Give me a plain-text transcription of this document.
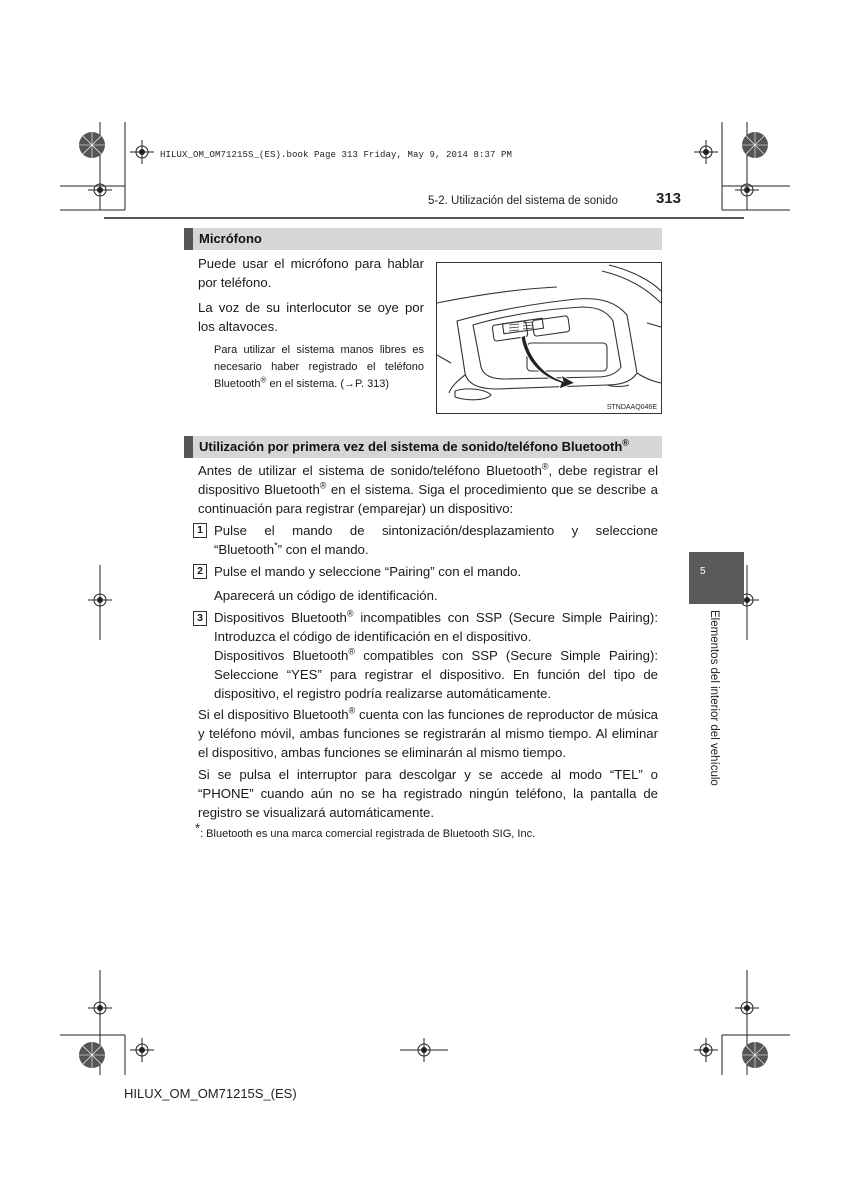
HILUX_OM_OM71215S_(ES).book Page 313 Friday, May 9, 2014 8:37 PM
5-2. Utilización del sistema de sonido	313
Micrófono

Puede usar el micrófono para hablar por teléfono.

La voz de su interlocutor se oye por los altavoces.

Para utilizar el sistema manos libres es necesario haber registrado el teléfono Bluetooth® en el sistema. (→P. 313)

STNDAAQ046E
Utilización por primera vez del sistema de sonido/teléfono Bluetooth®

Antes de utilizar el sistema de sonido/teléfono Bluetooth®, debe registrar el dispositivo Bluetooth® en el sistema. Siga el procedimiento que se describe a continuación para registrar (emparejar) un dispositivo:

1 Pulse el mando de sintonización/desplazamiento y seleccione
“Bluetooth*” con el mando.
2 Pulse el mando y seleccione “Pairing” con el mando.
Aparecerá un código de identificación.
3 Dispositivos Bluetooth® incompatibles con SSP (Secure Simple Pairing): Introduzca el código de identificación en el dispositivo.
Dispositivos Bluetooth® compatibles con SSP (Secure Simple Pairing): Seleccione “YES” para registrar el dispositivo. En función del tipo de dispositivo, el registro podría realizarse automáticamente.

Si el dispositivo Bluetooth® cuenta con las funciones de reproductor de música y teléfono móvil, ambas funciones se registrarán al mismo tiempo. Al eliminar el dispositivo, ambas funciones se eliminarán al mismo tiempo.

Si se pulsa el interruptor para descolgar y se accede al modo “TEL” o “PHONE” cuando aún no se ha registrado ningún teléfono, la pantalla de registro se visualizará automáticamente.

*: Bluetooth es una marca comercial registrada de Bluetooth SIG, Inc.

5
Elementos del interior del vehículo
HILUX_OM_OM71215S_(ES)
